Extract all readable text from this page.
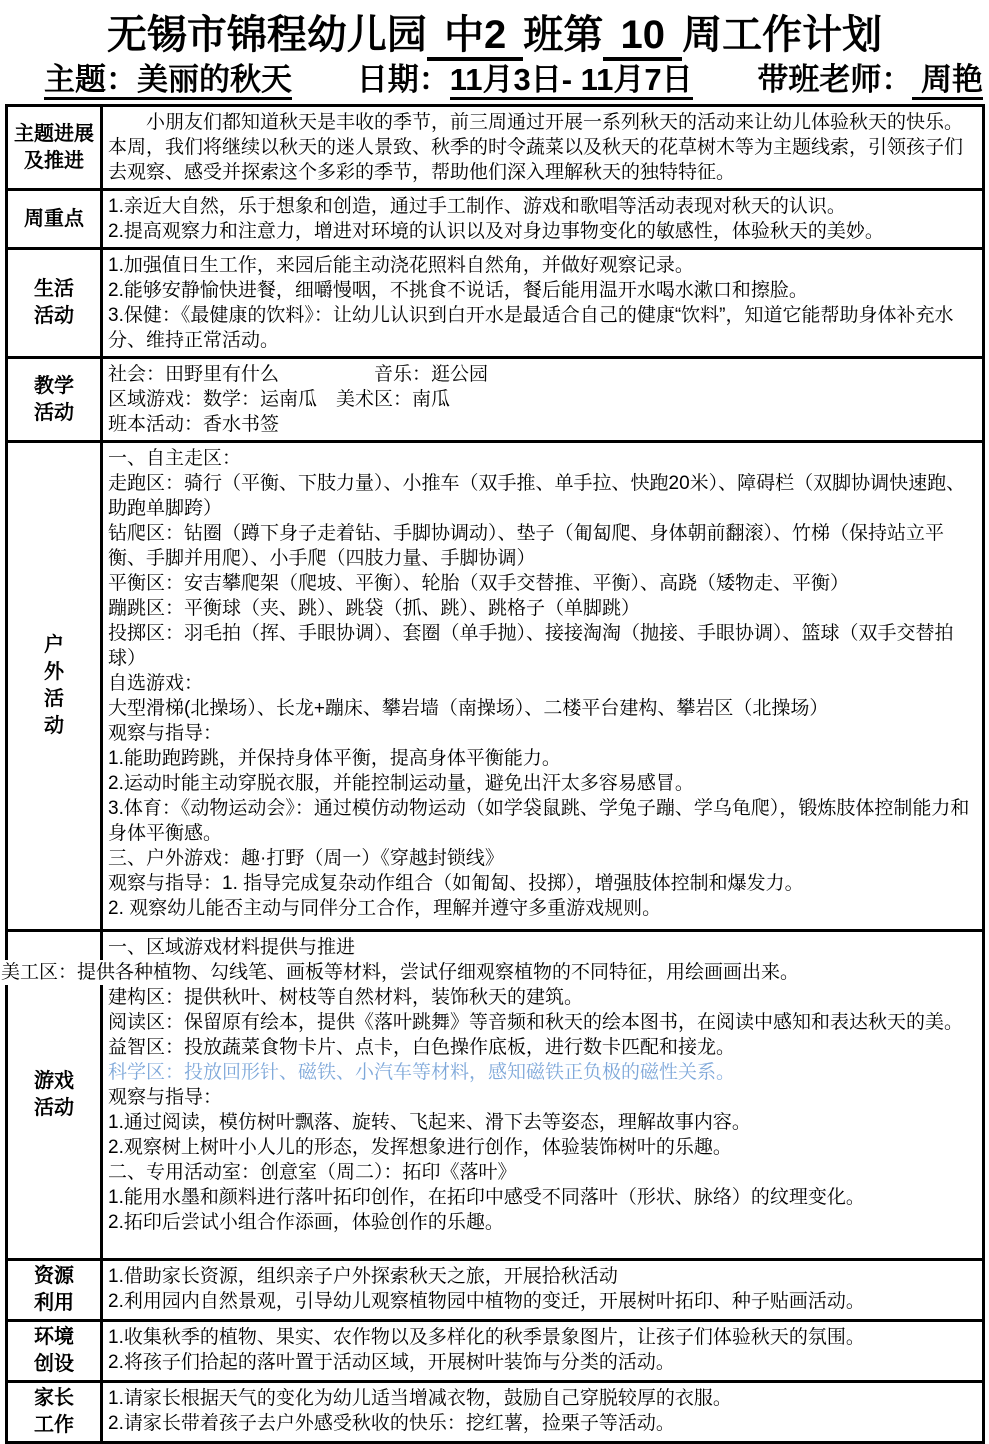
无锡市锦程幼儿园 中2 班第 10 周工作计划
主题：美丽的秋天 日期：11月3日- 11月7日 带班老师： 周艳
主题进展
及推进
　　小朋友们都知道秋天是丰收的季节，前三周通过开展一系列秋天的活动来让幼儿体验秋天的快乐。本周，我们将继续以秋天的迷人景致、秋季的时令蔬菜以及秋天的花草树木等为主题线索，引领孩子们去观察、感受并探索这个多彩的季节，帮助他们深入理解秋天的独特特征。
周重点
1.亲近大自然，乐于想象和创造，通过手工制作、游戏和歌唱等活动表现对秋天的认识。
2.提高观察力和注意力，增进对环境的认识以及对身边事物变化的敏感性，体验秋天的美妙。
生活
活动
1.加强值日生工作，来园后能主动浇花照料自然角，并做好观察记录。
2.能够安静愉快进餐，细嚼慢咽，不挑食不说话，餐后能用温开水喝水漱口和擦脸。
3.保健：《最健康的饮料》：让幼儿认识到白开水是最适合自己的健康“饮料”，知道它能帮助身体补充水分、维持正常活动。
教学
活动
社会：田野里有什么　　　　　音乐：逛公园
区域游戏：数学：运南瓜　美术区：南瓜
班本活动：香水书签
户
外
活
动
一、自主走区：
走跑区：骑行（平衡、下肢力量）、小推车（双手推、单手拉、快跑20米）、障碍栏（双脚协调快速跑、助跑单脚跨）
钻爬区：钻圈（蹲下身子走着钻、手脚协调动）、垫子（匍匐爬、身体朝前翻滚）、竹梯（保持站立平衡、手脚并用爬）、小手爬（四肢力量、手脚协调）
平衡区：安吉攀爬架（爬坡、平衡）、轮胎（双手交替推、平衡）、高跷（矮物走、平衡）
蹦跳区：平衡球（夹、跳）、跳袋（抓、跳）、跳格子（单脚跳）
投掷区：羽毛拍（挥、手眼协调）、套圈（单手抛）、接接淘淘（抛接、手眼协调）、篮球（双手交替拍球）
自选游戏：
大型滑梯(北操场）、长龙+蹦床、攀岩墙（南操场）、二楼平台建构、攀岩区（北操场）
观察与指导：
1.能助跑跨跳，并保持身体平衡，提高身体平衡能力。
2.运动时能主动穿脱衣服，并能控制运动量，避免出汗太多容易感冒。
3.体育：《动物运动会》：通过模仿动物运动（如学袋鼠跳、学兔子蹦、学乌龟爬），锻炼肢体控制能力和身体平衡感。
三、户外游戏：趣·打野（周一）《穿越封锁线》
观察与指导：1. 指导完成复杂动作组合（如匍匐、投掷），增强肢体控制和爆发力。
2. 观察幼儿能否主动与同伴分工合作，理解并遵守多重游戏规则。
游戏
活动
一、区域游戏材料提供与推进
美工区：提供各种植物、勾线笔、画板等材料，尝试仔细观察植物的不同特征，用绘画画出来。
建构区：提供秋叶、树枝等自然材料，装饰秋天的建筑。
阅读区：保留原有绘本，提供《落叶跳舞》等音频和秋天的绘本图书，在阅读中感知和表达秋天的美。
益智区：投放蔬菜食物卡片、点卡，白色操作底板，进行数卡匹配和接龙。
科学区：投放回形针、磁铁、小汽车等材料，感知磁铁正负极的磁性关系。
观察与指导：
1.通过阅读，模仿树叶飘落、旋转、飞起来、滑下去等姿态，理解故事内容。
2.观察树上树叶小人儿的形态，发挥想象进行创作，体验装饰树叶的乐趣。
二、专用活动室：创意室（周二）：拓印《落叶》
1.能用水墨和颜料进行落叶拓印创作，在拓印中感受不同落叶（形状、脉络）的纹理变化。
2.拓印后尝试小组合作添画，体验创作的乐趣。
资源
利用
1.借助家长资源，组织亲子户外探索秋天之旅，开展拾秋活动
2.利用园内自然景观，引导幼儿观察植物园中植物的变迁，开展树叶拓印、种子贴画活动。
环境
创设
1.收集秋季的植物、果实、农作物以及多样化的秋季景象图片，让孩子们体验秋天的氛围。
2.将孩子们拾起的落叶置于活动区域，开展树叶装饰与分类的活动。
家长
工作
1.请家长根据天气的变化为幼儿适当增减衣物，鼓励自己穿脱较厚的衣服。
2.请家长带着孩子去户外感受秋收的快乐：挖红薯，捡栗子等活动。
